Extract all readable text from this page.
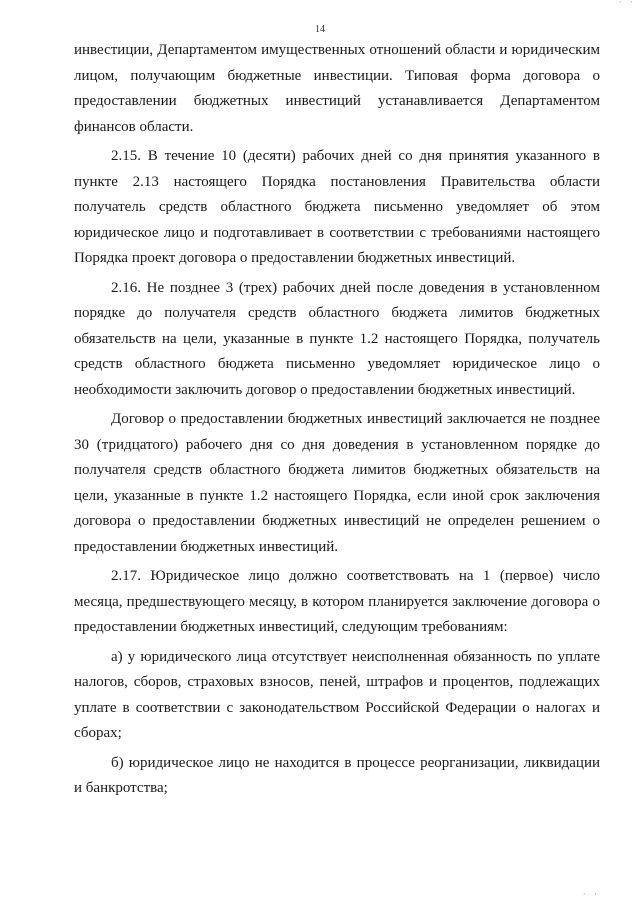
· ·
14

инвестиции, Департаментом имущественных отношений области и юридическим лицом, получающим бюджетные инвестиции. Типовая форма договора о предоставлении бюджетных инвестиций устанавливается Департаментом финансов области.

2.15. В течение 10 (десяти) рабочих дней со дня принятия указанного в пункте 2.13 настоящего Порядка постановления Правительства области получатель средств областного бюджета письменно уведомляет об этом юридическое лицо и подготавливает в соответствии с требованиями настоящего Порядка проект договора о предоставлении бюджетных инвестиций.

2.16. Не позднее 3 (трех) рабочих дней после доведения в установленном порядке до получателя средств областного бюджета лимитов бюджетных обязательств на цели, указанные в пункте 1.2 настоящего Порядка, получатель средств областного бюджета письменно уведомляет юридическое лицо о необходимости заключить договор о предоставлении бюджетных инвестиций.

Договор о предоставлении бюджетных инвестиций заключается не позднее 30 (тридцатого) рабочего дня со дня доведения в установленном порядке до получателя средств областного бюджета лимитов бюджетных обязательств на цели, указанные в пункте 1.2 настоящего Порядка, если иной срок заключения договора о предоставлении бюджетных инвестиций не определен решением о предоставлении бюджетных инвестиций.

2.17. Юридическое лицо должно соответствовать на 1 (первое) число месяца, предшествующего месяцу, в котором планируется заключение договора о предоставлении бюджетных инвестиций, следующим требованиям:

а) у юридического лица отсутствует неисполненная обязанность по уплате налогов, сборов, страховых взносов, пеней, штрафов и процентов, подлежащих уплате в соответствии с законодательством Российской Федерации о налогах и сборах;

б) юридическое лицо не находится в процессе реорганизации, ликвидации и банкротства;

· ·
